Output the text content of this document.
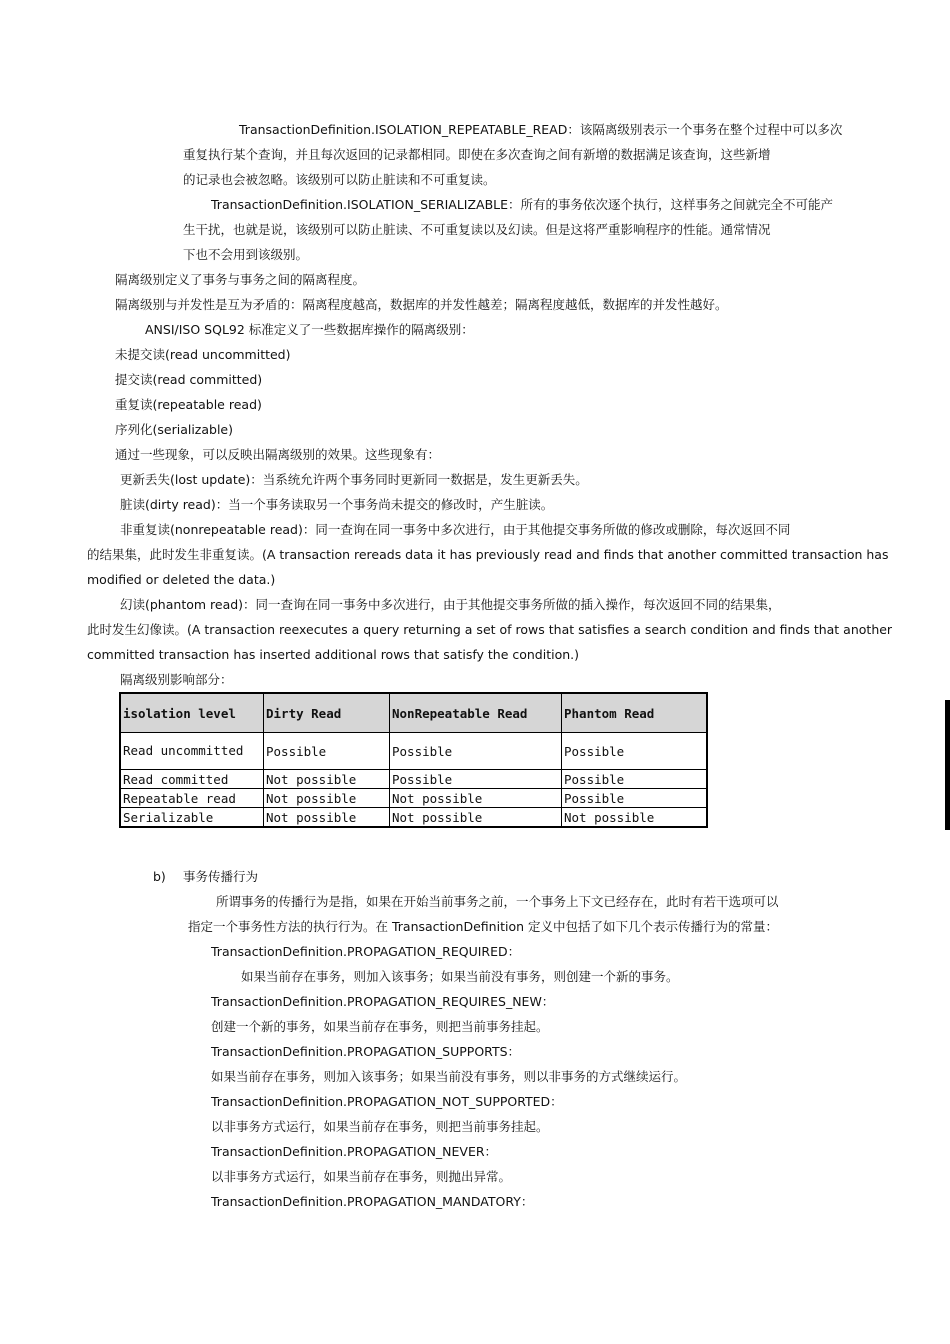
TransactionDefinition.ISOLATION_REPEATABLE_READ：该隔离级别表示一个事务在整个过程中可以多次
重复执行某个查询，并且每次返回的记录都相同。即使在多次查询之间有新增的数据满足该查询，这些新增
的记录也会被忽略。该级别可以防止脏读和不可重复读。
TransactionDefinition.ISOLATION_SERIALIZABLE：所有的事务依次逐个执行，这样事务之间就完全不可能产
生干扰，也就是说，该级别可以防止脏读、不可重复读以及幻读。但是这将严重影响程序的性能。通常情况
下也不会用到该级别。
隔离级别定义了事务与事务之间的隔离程度。
隔离级别与并发性是互为矛盾的：隔离程度越高，数据库的并发性越差；隔离程度越低，数据库的并发性越好。
ANSI/ISO SQL92 标准定义了一些数据库操作的隔离级别：
未提交读(read uncommitted)
提交读(read committed)
重复读(repeatable read)
序列化(serializable)
通过一些现象，可以反映出隔离级别的效果。这些现象有：
更新丢失(lost update)：当系统允许两个事务同时更新同一数据是，发生更新丢失。
脏读(dirty read)：当一个事务读取另一个事务尚未提交的修改时，产生脏读。
非重复读(nonrepeatable read)：同一查询在同一事务中多次进行，由于其他提交事务所做的修改或删除，每次返回不同
的结果集，此时发生非重复读。(A transaction rereads data it has previously read and finds that another committed transaction has
modified or deleted the data.)
幻读(phantom read)：同一查询在同一事务中多次进行，由于其他提交事务所做的插入操作，每次返回不同的结果集，
此时发生幻像读。(A transaction reexecutes a query returning a set of rows that satisfies a search condition and finds that another
committed transaction has inserted additional rows that satisfy the condition.)
隔离级别影响部分：
isolation level	Dirty Read	NonRepeatable Read	Phantom Read
Read uncommitted	Possible	Possible	Possible
Read committed	Not possible	Possible	Possible
Repeatable read	Not possible	Not possible	Possible
Serializable	Not possible	Not possible	Not possible
b) 事务传播行为
所谓事务的传播行为是指，如果在开始当前事务之前，一个事务上下文已经存在，此时有若干选项可以
指定一个事务性方法的执行行为。在 TransactionDefinition 定义中包括了如下几个表示传播行为的常量：
TransactionDefinition.PROPAGATION_REQUIRED：
如果当前存在事务，则加入该事务；如果当前没有事务，则创建一个新的事务。
TransactionDefinition.PROPAGATION_REQUIRES_NEW：
创建一个新的事务，如果当前存在事务，则把当前事务挂起。
TransactionDefinition.PROPAGATION_SUPPORTS：
如果当前存在事务，则加入该事务；如果当前没有事务，则以非事务的方式继续运行。
TransactionDefinition.PROPAGATION_NOT_SUPPORTED：
以非事务方式运行，如果当前存在事务，则把当前事务挂起。
TransactionDefinition.PROPAGATION_NEVER：
以非事务方式运行，如果当前存在事务，则抛出异常。
TransactionDefinition.PROPAGATION_MANDATORY：
